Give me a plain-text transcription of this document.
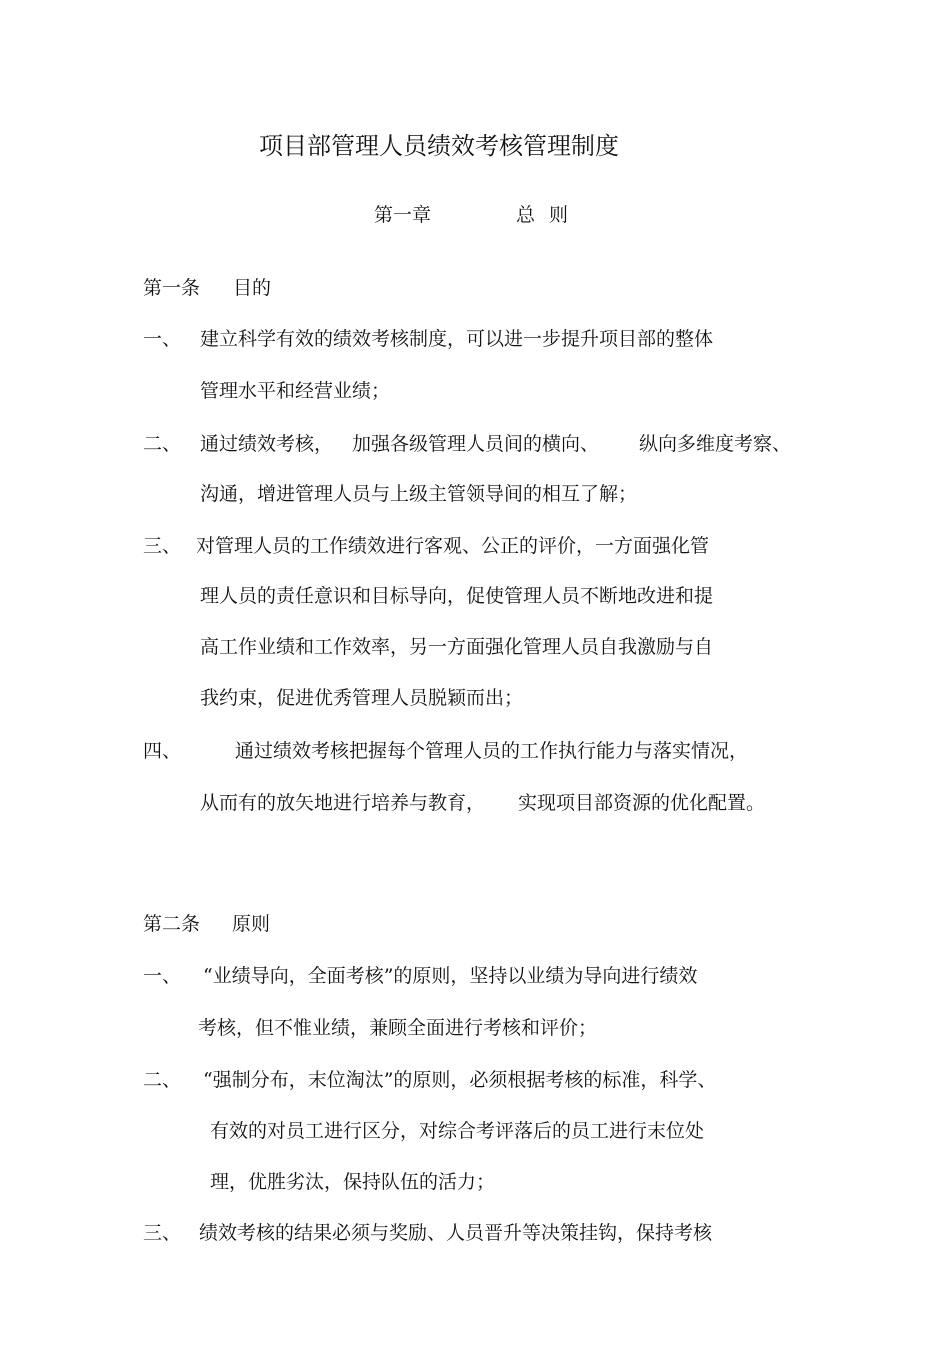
项目部管理人员绩效考核管理制度
第一章	总 则
第一条 目的
一、 建立科学有效的绩效考核制度，可以进一步提升项目部的整体
管理水平和经营业绩；
二、 通过绩效考核， 加强各级管理人员间的横向、 纵向多维度考察、
沟通，增进管理人员与上级主管领导间的相互了解；
三、 对管理人员的工作绩效进行客观、公正的评价，一方面强化管
理人员的责任意识和目标导向，促使管理人员不断地改进和提
高工作业绩和工作效率，另一方面强化管理人员自我激励与自
我约束，促进优秀管理人员脱颖而出；
四、	通过绩效考核把握每个管理人员的工作执行能力与落实情况，
从而有的放矢地进行培养与教育， 实现项目部资源的优化配置。
第二条 原则
一、 “业绩导向，全面考核”的原则，坚持以业绩为导向进行绩效
考核，但不惟业绩，兼顾全面进行考核和评价；
二、 “强制分布，末位淘汰”的原则，必须根据考核的标准，科学、
有效的对员工进行区分，对综合考评落后的员工进行末位处
理，优胜劣汰，保持队伍的活力；
三、 绩效考核的结果必须与奖励、人员晋升等决策挂钩，保持考核
